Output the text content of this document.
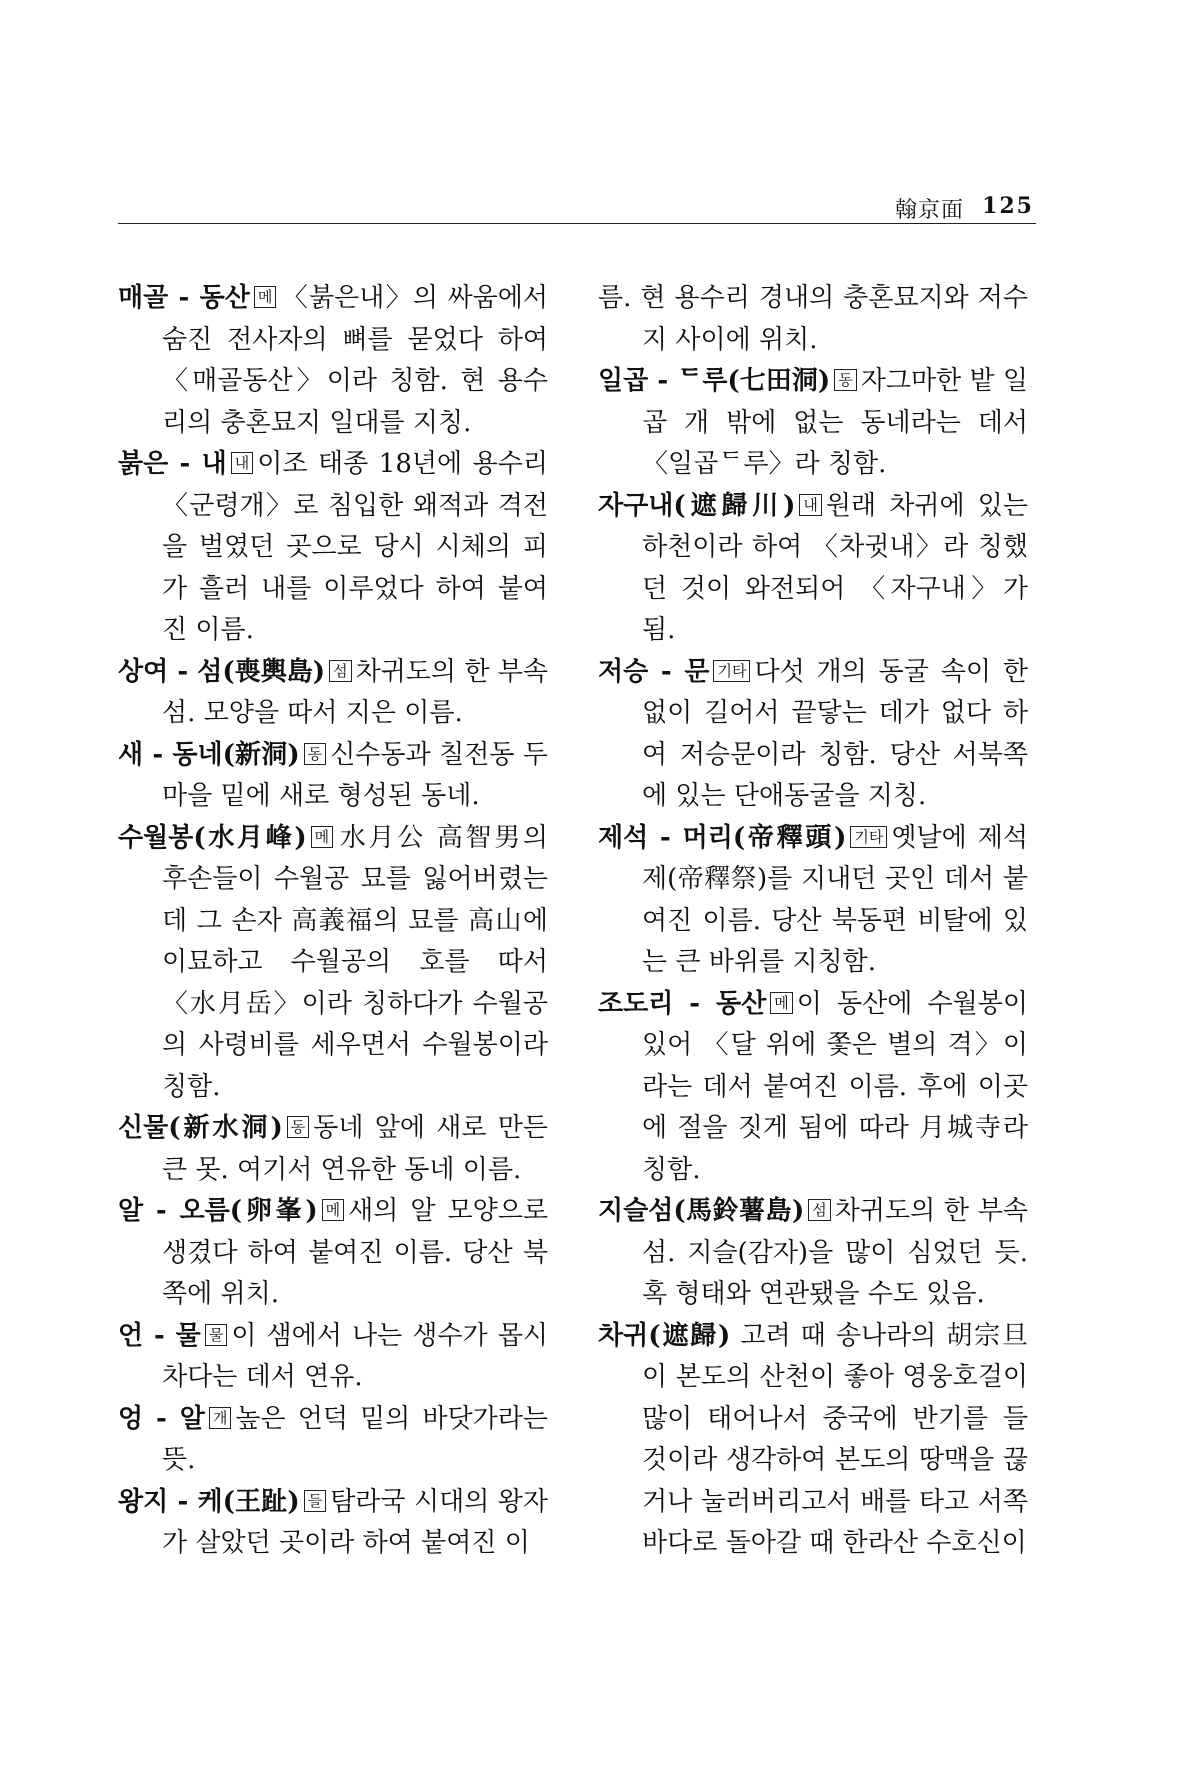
翰京面 125

매골 - 동산 메 〈붉은내〉의 싸움에서 숨진 전사자의 뼈를 묻었다 하여 〈매골동산〉이라 칭함. 현 용수리의 충혼묘지 일대를 지칭.

붉은 - 내 내 이조 태종 18년에 용수리 〈군령개〉로 침입한 왜적과 격전을 벌였던 곳으로 당시 시체의 피가 흘러 내를 이루었다 하여 붙여진 이름.

상여 - 섬(喪輿島) 섬 차귀도의 한 부속섬. 모양을 따서 지은 이름.

새 - 동네(新洞) 동 신수동과 칠전동 두 마을 밑에 새로 형성된 동네.

수월봉(水月峰) 메 水月公 高智男의 후손들이 수월공 묘를 잃어버렸는데 그 손자 高義福의 묘를 高山에 이묘하고 수월공의 호를 따서 〈水月岳〉이라 칭하다가 수월공의 사령비를 세우면서 수월봉이라 칭함.

신물(新水洞) 동 동네 앞에 새로 만든 큰 못. 여기서 연유한 동네 이름.

알 - 오름(卵峯) 메 새의 알 모양으로 생겼다 하여 붙여진 이름. 당산 북쪽에 위치.

언 - 물 물 이 샘에서 나는 생수가 몹시 차다는 데서 연유.

엉 - 알 개 높은 언덕 밑의 바닷가라는 뜻.

왕지 - 케(王趾) 들 탐라국 시대의 왕자가 살았던 곳이라 하여 붙여진 이

름. 현 용수리 경내의 충혼묘지와 저수지 사이에 위치.

일곱 - ᄃ루(七田洞) 동 자그마한 밭 일곱 개 밖에 없는 동네라는 데서 〈일곱ᄃ루〉라 칭함.

자구내(遮歸川) 내 원래 차귀에 있는 하천이라 하여 〈차귓내〉라 칭했던 것이 와전되어 〈자구내〉가 됨.

저승 - 문 기타 다섯 개의 동굴 속이 한없이 길어서 끝닿는 데가 없다 하여 저승문이라 칭함. 당산 서북쪽에 있는 단애동굴을 지칭.

제석 - 머리(帝釋頭) 기타 옛날에 제석제(帝釋祭)를 지내던 곳인 데서 붙여진 이름. 당산 북동편 비탈에 있는 큰 바위를 지칭함.

조도리 - 동산 메 이 동산에 수월봉이 있어 〈달 위에 쫓은 별의 격〉이라는 데서 붙여진 이름. 후에 이곳에 절을 짓게 됨에 따라 月城寺라 칭함.

지슬섬(馬鈴薯島) 섬 차귀도의 한 부속섬. 지슬(감자)을 많이 심었던 듯. 혹 형태와 연관됐을 수도 있음.

차귀(遮歸) 고려 때 송나라의 胡宗旦이 본도의 산천이 좋아 영웅호걸이 많이 태어나서 중국에 반기를 들 것이라 생각하여 본도의 땅맥을 끊거나 눌러버리고서 배를 타고 서쪽 바다로 돌아갈 때 한라산 수호신이
